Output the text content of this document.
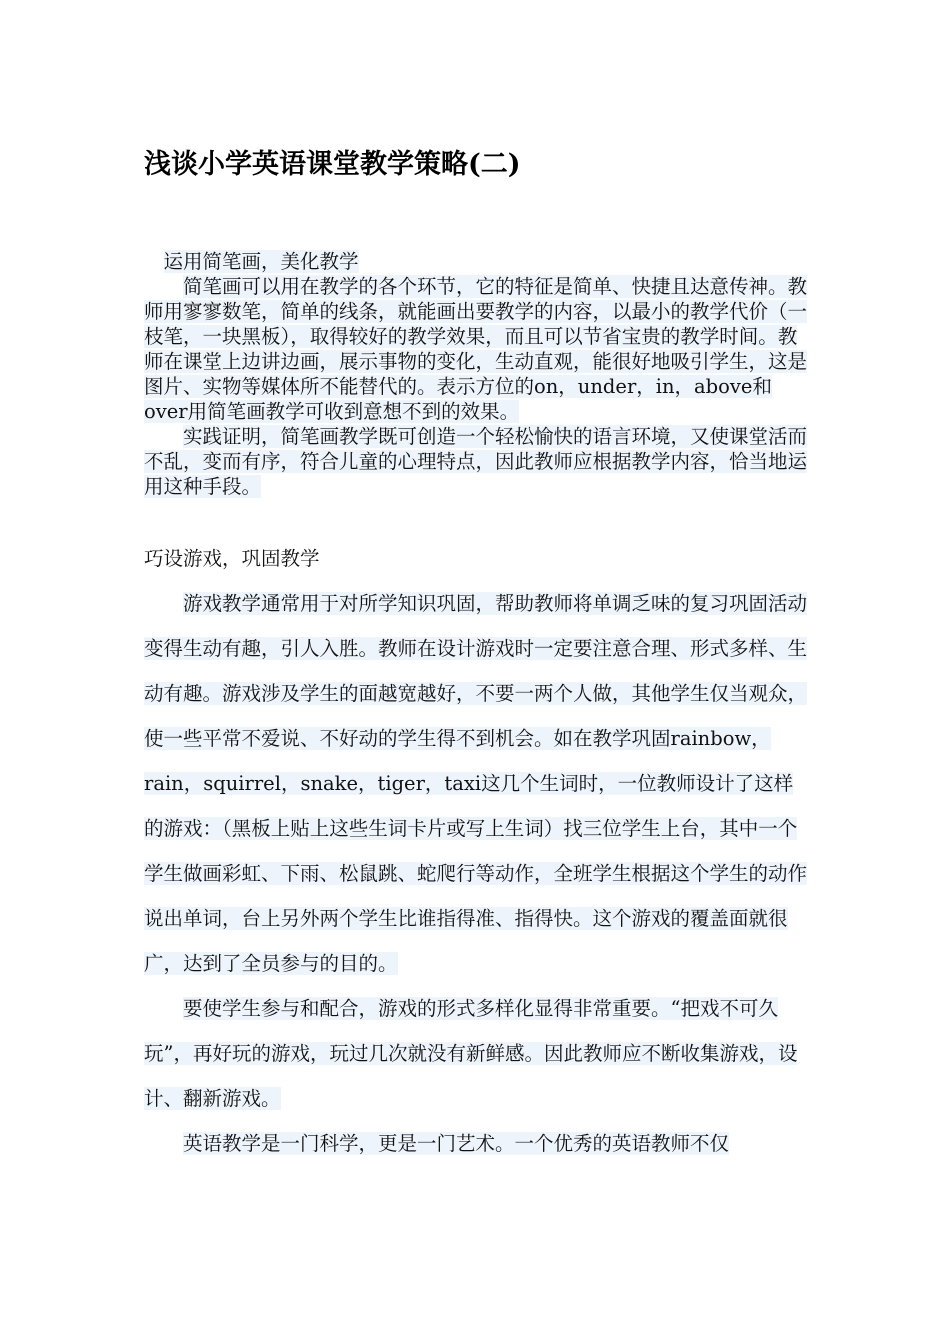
浅谈小学英语课堂教学策略(二)

运用简笔画，美化教学

简笔画可以用在教学的各个环节，它的特征是简单、快捷且达意传神。教师用寥寥数笔，简单的线条，就能画出要教学的内容，以最小的教学代价（一枝笔，一块黑板），取得较好的教学效果，而且可以节省宝贵的教学时间。教师在课堂上边讲边画，展示事物的变化，生动直观，能很好地吸引学生，这是图片、实物等媒体所不能替代的。表示方位的on，under，in，above和over用简笔画教学可收到意想不到的效果。

实践证明，简笔画教学既可创造一个轻松愉快的语言环境，又使课堂活而不乱，变而有序，符合儿童的心理特点，因此教师应根据教学内容，恰当地运用这种手段。

巧设游戏，巩固教学

游戏教学通常用于对所学知识巩固，帮助教师将单调乏味的复习巩固活动变得生动有趣，引人入胜。教师在设计游戏时一定要注意合理、形式多样、生动有趣。游戏涉及学生的面越宽越好，不要一两个人做，其他学生仅当观众，使一些平常不爱说、不好动的学生得不到机会。如在教学巩固rainbow，rain，squirrel，snake，tiger，taxi这几个生词时，一位教师设计了这样的游戏：（黑板上贴上这些生词卡片或写上生词）找三位学生上台，其中一个学生做画彩虹、下雨、松鼠跳、蛇爬行等动作，全班学生根据这个学生的动作说出单词，台上另外两个学生比谁指得准、指得快。这个游戏的覆盖面就很广，达到了全员参与的目的。

要使学生参与和配合，游戏的形式多样化显得非常重要。“把戏不可久玩”，再好玩的游戏，玩过几次就没有新鲜感。因此教师应不断收集游戏，设计、翻新游戏。

英语教学是一门科学，更是一门艺术。一个优秀的英语教师不仅
